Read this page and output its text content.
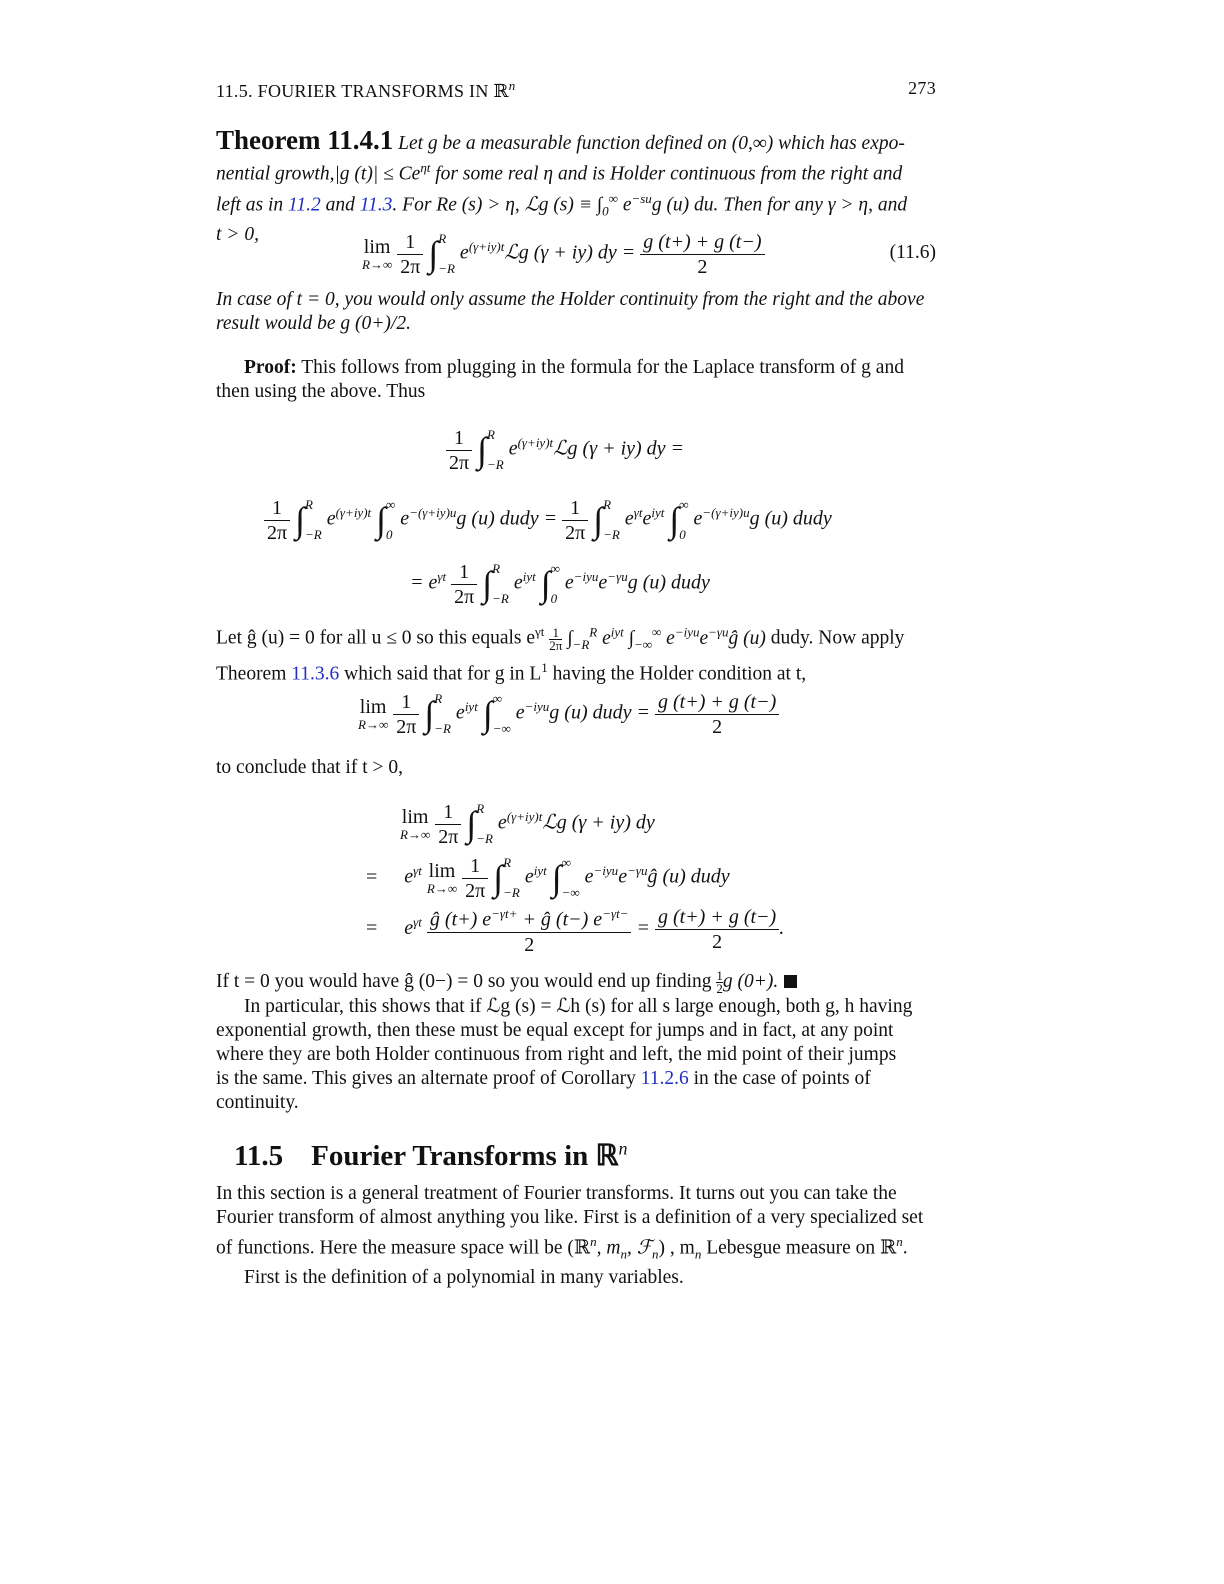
11.5. FOURIER TRANSFORMS IN ℝ$^n$	273
Theorem 11.4.1 Let g be a measurable function defined on (0,∞) which has expo-
nential growth,|g $(t)| \le Ce^{\eta t}$ for some real η and is Holder continuous from the right and
left as in 11.2 and 11.3. For Re (s) > η, ℒg $(s) \equiv \int_0^\infty$ $e^{-su}g$ (u) du. Then for any γ > η, and
t > 0,
lim
R→∞
$\frac{1}{2\pi}$ ∫ R
−R
$e^{(\gamma+iy)t}ℒg$ (γ + iy) dy = $\frac{g (t+) + g (t-)}{2}$	(11.6)
In case of t = 0, you would only assume the Holder continuity from the right and the above
result would be g (0+)/2.
Proof: This follows from plugging in the formula for the Laplace transform of g and
then using the above. Thus
$\frac{1}{2\pi}$ ∫ R
−R
$e^{(\gamma+iy)t}ℒg$ (γ + iy) dy =
$\frac{1}{2\pi}$ ∫ R
−R
$e^{(\gamma+iy)t}$ ∫ ∞
0
$e^{-(\gamma+iy)u}g$ (u) dudy = $\frac{1}{2\pi}$ ∫ R
−R
$e^{\gamma t}e^{iyt}$ ∫ ∞
0
$e^{-(\gamma+iy)u}g$ (u) dudy
= $e^{\gamma t} \frac{1}{2\pi}$ ∫ R
−R
$e^{iyt}$ ∫ ∞
0
$e^{-iyu}e^{-\gamma u}g$ (u) dudy
Let ĝ (u) = 0 for all u ≤ 0 so this equals $e^{\gamma t} \frac{1}{2\pi} \int_{-R}^R$ $e^{iyt}$ $\int_{-\infty}^\infty$ $e^{-iyu}e^{-\gamma u}ĝ$ (u) dudy. Now apply
Theorem 11.3.6 which said that for g in $L^1$ having the Holder condition at t,
lim
R→∞
$\frac{1}{2\pi}$ ∫ R
−R
$e^{iyt}$ ∫ ∞
−∞
$e^{-iyu}g$ (u) dudy = $\frac{g (t+) + g (t-)}{2}$
to conclude that if t > 0,
lim
R→∞
$\frac{1}{2\pi}$ ∫ R
−R
$e^{(\gamma+iy)t}ℒg$ (γ + iy) dy
= $e^{\gamma t}$ lim
R→∞
$\frac{1}{2\pi}$ ∫ R
−R
$e^{iyt}$ ∫ ∞
−∞
$e^{-iyu}e^{-\gamma u}ĝ$ (u) dudy
= $e^{\gamma t} \frac{ĝ (t+) e^{-\gamma t+} + ĝ (t-) e^{-\gamma t-}}{2} = \frac{g (t+) + g (t-)}{2}$ .
If t = 0 you would have ĝ (0−) = 0 so you would end up finding $\frac{1}{2}$ g (0+).
In particular, this shows that if ℒg (s) = ℒh (s) for all s large enough, both g, h having
exponential growth, then these must be equal except for jumps and in fact, at any point
where they are both Holder continuous from right and left, the mid point of their jumps
is the same. This gives an alternate proof of Corollary 11.2.6 in the case of points of
continuity.
11.5 Fourier Transforms in ℝ$^n$
In this section is a general treatment of Fourier transforms. It turns out you can take the
Fourier transform of almost anything you like. First is a definition of a very specialized set
of functions. Here the measure space will be (ℝ$^n$, $m_n$, ℱ$_n$) , $m_n$ Lebesgue measure on ℝ$^n$.
First is the definition of a polynomial in many variables.
